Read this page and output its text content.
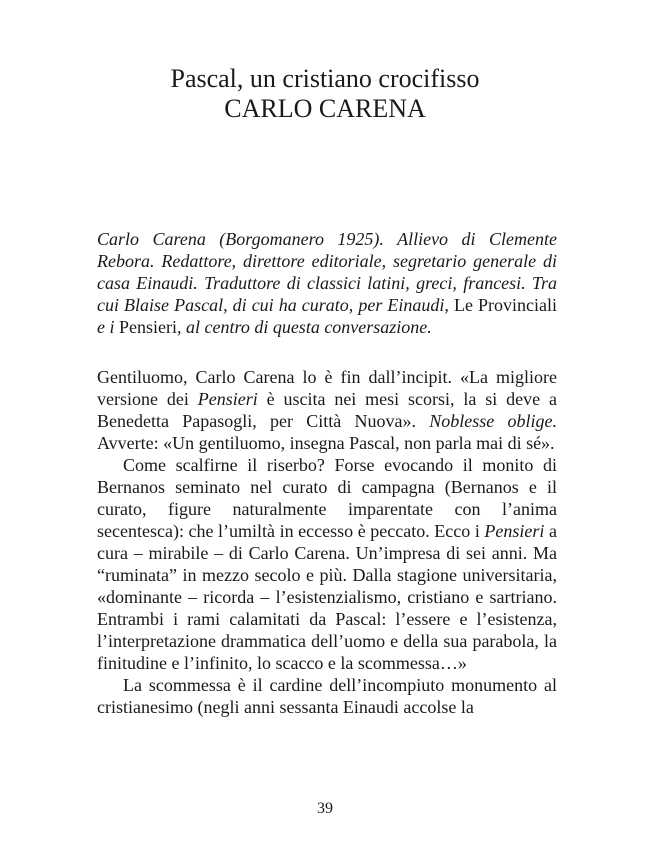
Pascal, un cristiano crocifisso
CARLO CARENA

Carlo Carena (Borgomanero 1925). Allievo di Clemente Rebora. Redattore, direttore editoriale, segretario generale di casa Einaudi. Traduttore di classici latini, greci, francesi. Tra cui Blaise Pascal, di cui ha curato, per Einaudi, Le Provinciali e i Pensieri, al centro di questa conversazione.

Gentiluomo, Carlo Carena lo è fin dall’incipit. «La migliore versione dei Pensieri è uscita nei mesi scorsi, la si deve a Benedetta Papasogli, per Città Nuova». Noblesse oblige. Avverte: «Un gentiluomo, insegna Pascal, non parla mai di sé».

Come scalfirne il riserbo? Forse evocando il monito di Bernanos seminato nel curato di campagna (Bernanos e il curato, figure naturalmente imparentate con l’anima secentesca): che l’umiltà in eccesso è peccato. Ecco i Pensieri a cura – mirabile – di Carlo Carena. Un’impresa di sei anni. Ma “ruminata” in mezzo secolo e più. Dalla stagione universitaria, «dominante – ricorda – l’esistenzialismo, cristiano e sartriano. Entrambi i rami calamitati da Pascal: l’essere e l’esistenza, l’interpretazione drammatica dell’uomo e della sua parabola, la finitudine e l’infinito, lo scacco e la scommessa…»

La scommessa è il cardine dell’incompiuto monumento al cristianesimo (negli anni sessanta Einaudi accolse la

39
